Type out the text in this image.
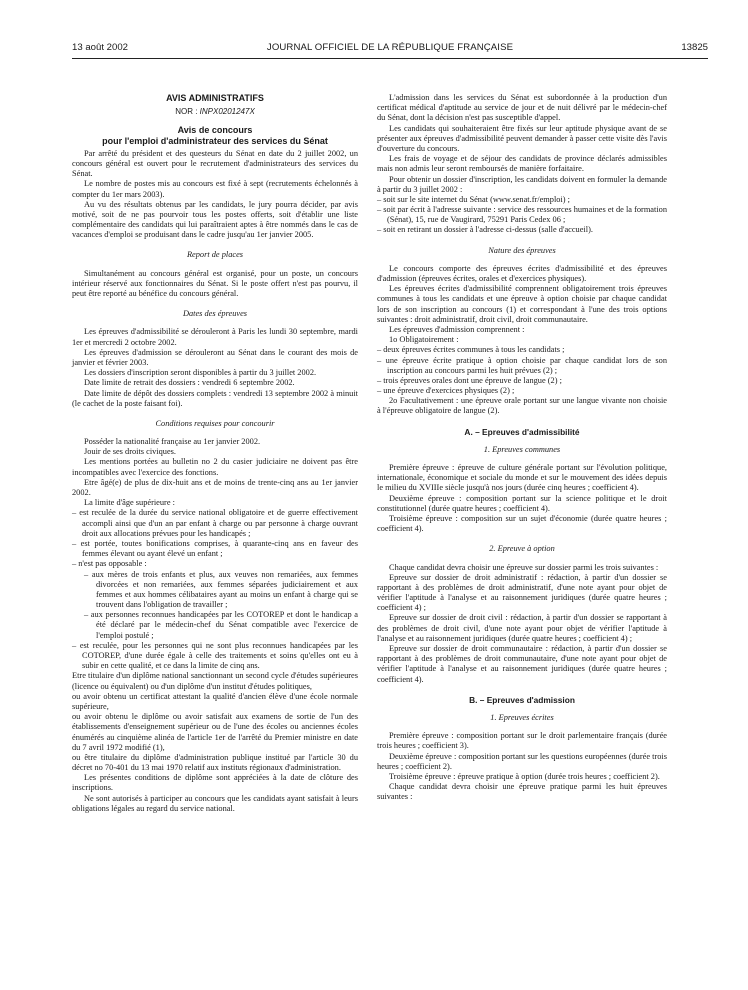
13 août 2002	JOURNAL OFFICIEL DE LA RÉPUBLIQUE FRANÇAISE	13825

AVIS ADMINISTRATIFS

NOR : INPX0201247X

Avis de concours

pour l'emploi d'administrateur des services du Sénat

Par arrêté du président et des questeurs du Sénat en date du 2 juillet 2002, un concours général est ouvert pour le recrutement d'administrateurs des services du Sénat.

Le nombre de postes mis au concours est fixé à sept (recrutements échelonnés à compter du 1er mars 2003).

Au vu des résultats obtenus par les candidats, le jury pourra décider, par avis motivé, soit de ne pas pourvoir tous les postes offerts, soit d'établir une liste complémentaire des candidats qui lui paraîtraient aptes à être nommés dans le cas de vacances d'emploi se produisant dans le cadre jusqu'au 1er janvier 2005.

Report de places

Simultanément au concours général est organisé, pour un poste, un concours intérieur réservé aux fonctionnaires du Sénat. Si le poste offert n'est pas pourvu, il peut être reporté au bénéfice du concours général.

Dates des épreuves

Les épreuves d'admissibilité se dérouleront à Paris les lundi 30 septembre, mardi 1er et mercredi 2 octobre 2002.

Les épreuves d'admission se dérouleront au Sénat dans le courant des mois de janvier et février 2003.

Les dossiers d'inscription seront disponibles à partir du 3 juillet 2002.

Date limite de retrait des dossiers : vendredi 6 septembre 2002.

Date limite de dépôt des dossiers complets : vendredi 13 septembre 2002 à minuit (le cachet de la poste faisant foi).

Conditions requises pour concourir

Posséder la nationalité française au 1er janvier 2002.

Jouir de ses droits civiques.

Les mentions portées au bulletin no 2 du casier judiciaire ne doivent pas être incompatibles avec l'exercice des fonctions.

Etre âgé(e) de plus de dix-huit ans et de moins de trente-cinq ans au 1er janvier 2002.

La limite d'âge supérieure :

– est reculée de la durée du service national obligatoire et de guerre effectivement accompli ainsi que d'un an par enfant à charge ou par personne à charge ouvrant droit aux allocations prévues pour les handicapés ;
– est portée, toutes bonifications comprises, à quarante-cinq ans en faveur des femmes élevant ou ayant élevé un enfant ;
– n'est pas opposable :
– aux mères de trois enfants et plus, aux veuves non remariées, aux femmes divorcées et non remariées, aux femmes séparées judiciairement et aux femmes et aux hommes célibataires ayant au moins un enfant à charge qui se trouvent dans l'obligation de travailler ;
– aux personnes reconnues handicapées par les COTOREP et dont le handicap a été déclaré par le médecin-chef du Sénat compatible avec l'exercice de l'emploi postulé ;
– est reculée, pour les personnes qui ne sont plus reconnues handicapées par les COTOREP, d'une durée égale à celle des traitements et soins qu'elles ont eu à subir en cette qualité, et ce dans la limite de cinq ans.

Etre titulaire d'un diplôme national sanctionnant un second cycle d'études supérieures (licence ou équivalent) ou d'un diplôme d'un institut d'études politiques,

ou avoir obtenu un certificat attestant la qualité d'ancien élève d'une école normale supérieure,

ou avoir obtenu le diplôme ou avoir satisfait aux examens de sortie de l'un des établissements d'enseignement supérieur ou de l'une des écoles ou anciennes écoles énumérés au cinquième alinéa de l'article 1er de l'arrêté du Premier ministre en date du 7 avril 1972 modifié (1),

ou être titulaire du diplôme d'administration publique institué par l'article 30 du décret no 70-401 du 13 mai 1970 relatif aux instituts régionaux d'administration.

Les présentes conditions de diplôme sont appréciées à la date de clôture des inscriptions.

Ne sont autorisés à participer au concours que les candidats ayant satisfait à leurs obligations légales au regard du service national.

L'admission dans les services du Sénat est subordonnée à la production d'un certificat médical d'aptitude au service de jour et de nuit délivré par le médecin-chef du Sénat, dont la décision n'est pas susceptible d'appel.

Les candidats qui souhaiteraient être fixés sur leur aptitude physique avant de se présenter aux épreuves d'admissibilité peuvent demander à passer cette visite dès l'avis d'ouverture du concours.

Les frais de voyage et de séjour des candidats de province déclarés admissibles mais non admis leur seront remboursés de manière forfaitaire.

Pour obtenir un dossier d'inscription, les candidats doivent en formuler la demande à partir du 3 juillet 2002 :

– soit sur le site internet du Sénat (www.senat.fr/emploi) ;
– soit par écrit à l'adresse suivante : service des ressources humaines et de la formation (Sénat), 15, rue de Vaugirard, 75291 Paris Cedex 06 ;
– soit en retirant un dossier à l'adresse ci-dessus (salle d'accueil).

Nature des épreuves

Le concours comporte des épreuves écrites d'admissibilité et des épreuves d'admission (épreuves écrites, orales et d'exercices physiques).

Les épreuves écrites d'admissibilité comprennent obligatoirement trois épreuves communes à tous les candidats et une épreuve à option choisie par chaque candidat lors de son inscription au concours (1) et correspondant à l'une des trois options suivantes : droit administratif, droit civil, droit communautaire.

Les épreuves d'admission comprennent :

1o Obligatoirement :

– deux épreuves écrites communes à tous les candidats ;
– une épreuve écrite pratique à option choisie par chaque candidat lors de son inscription au concours parmi les huit prévues (2) ;
– trois épreuves orales dont une épreuve de langue (2) ;
– une épreuve d'exercices physiques (2) ;

2o Facultativement : une épreuve orale portant sur une langue vivante non choisie à l'épreuve obligatoire de langue (2).

A. – Epreuves d'admissibilité

1. Epreuves communes

Première épreuve : épreuve de culture générale portant sur l'évolution politique, internationale, économique et sociale du monde et sur le mouvement des idées depuis le milieu du XVIIIe siècle jusqu'à nos jours (durée cinq heures ; coefficient 4).

Deuxième épreuve : composition portant sur la science politique et le droit constitutionnel (durée quatre heures ; coefficient 4).

Troisième épreuve : composition sur un sujet d'économie (durée quatre heures ; coefficient 4).

2. Epreuve à option

Chaque candidat devra choisir une épreuve sur dossier parmi les trois suivantes :

Epreuve sur dossier de droit administratif : rédaction, à partir d'un dossier se rapportant à des problèmes de droit administratif, d'une note ayant pour objet de vérifier l'aptitude à l'analyse et au raisonnement juridiques (durée quatre heures ; coefficient 4) ;

Epreuve sur dossier de droit civil : rédaction, à partir d'un dossier se rapportant à des problèmes de droit civil, d'une note ayant pour objet de vérifier l'aptitude à l'analyse et au raisonnement juridiques (durée quatre heures ; coefficient 4) ;

Epreuve sur dossier de droit communautaire : rédaction, à partir d'un dossier se rapportant à des problèmes de droit communautaire, d'une note ayant pour objet de vérifier l'aptitude à l'analyse et au raisonnement juridiques (durée quatre heures ; coefficient 4).

B. – Epreuves d'admission

1. Epreuves écrites

Première épreuve : composition portant sur le droit parlementaire français (durée trois heures ; coefficient 3).

Deuxième épreuve : composition portant sur les questions européennes (durée trois heures ; coefficient 2).

Troisième épreuve : épreuve pratique à option (durée trois heures ; coefficient 2).

Chaque candidat devra choisir une épreuve pratique parmi les huit épreuves suivantes :
